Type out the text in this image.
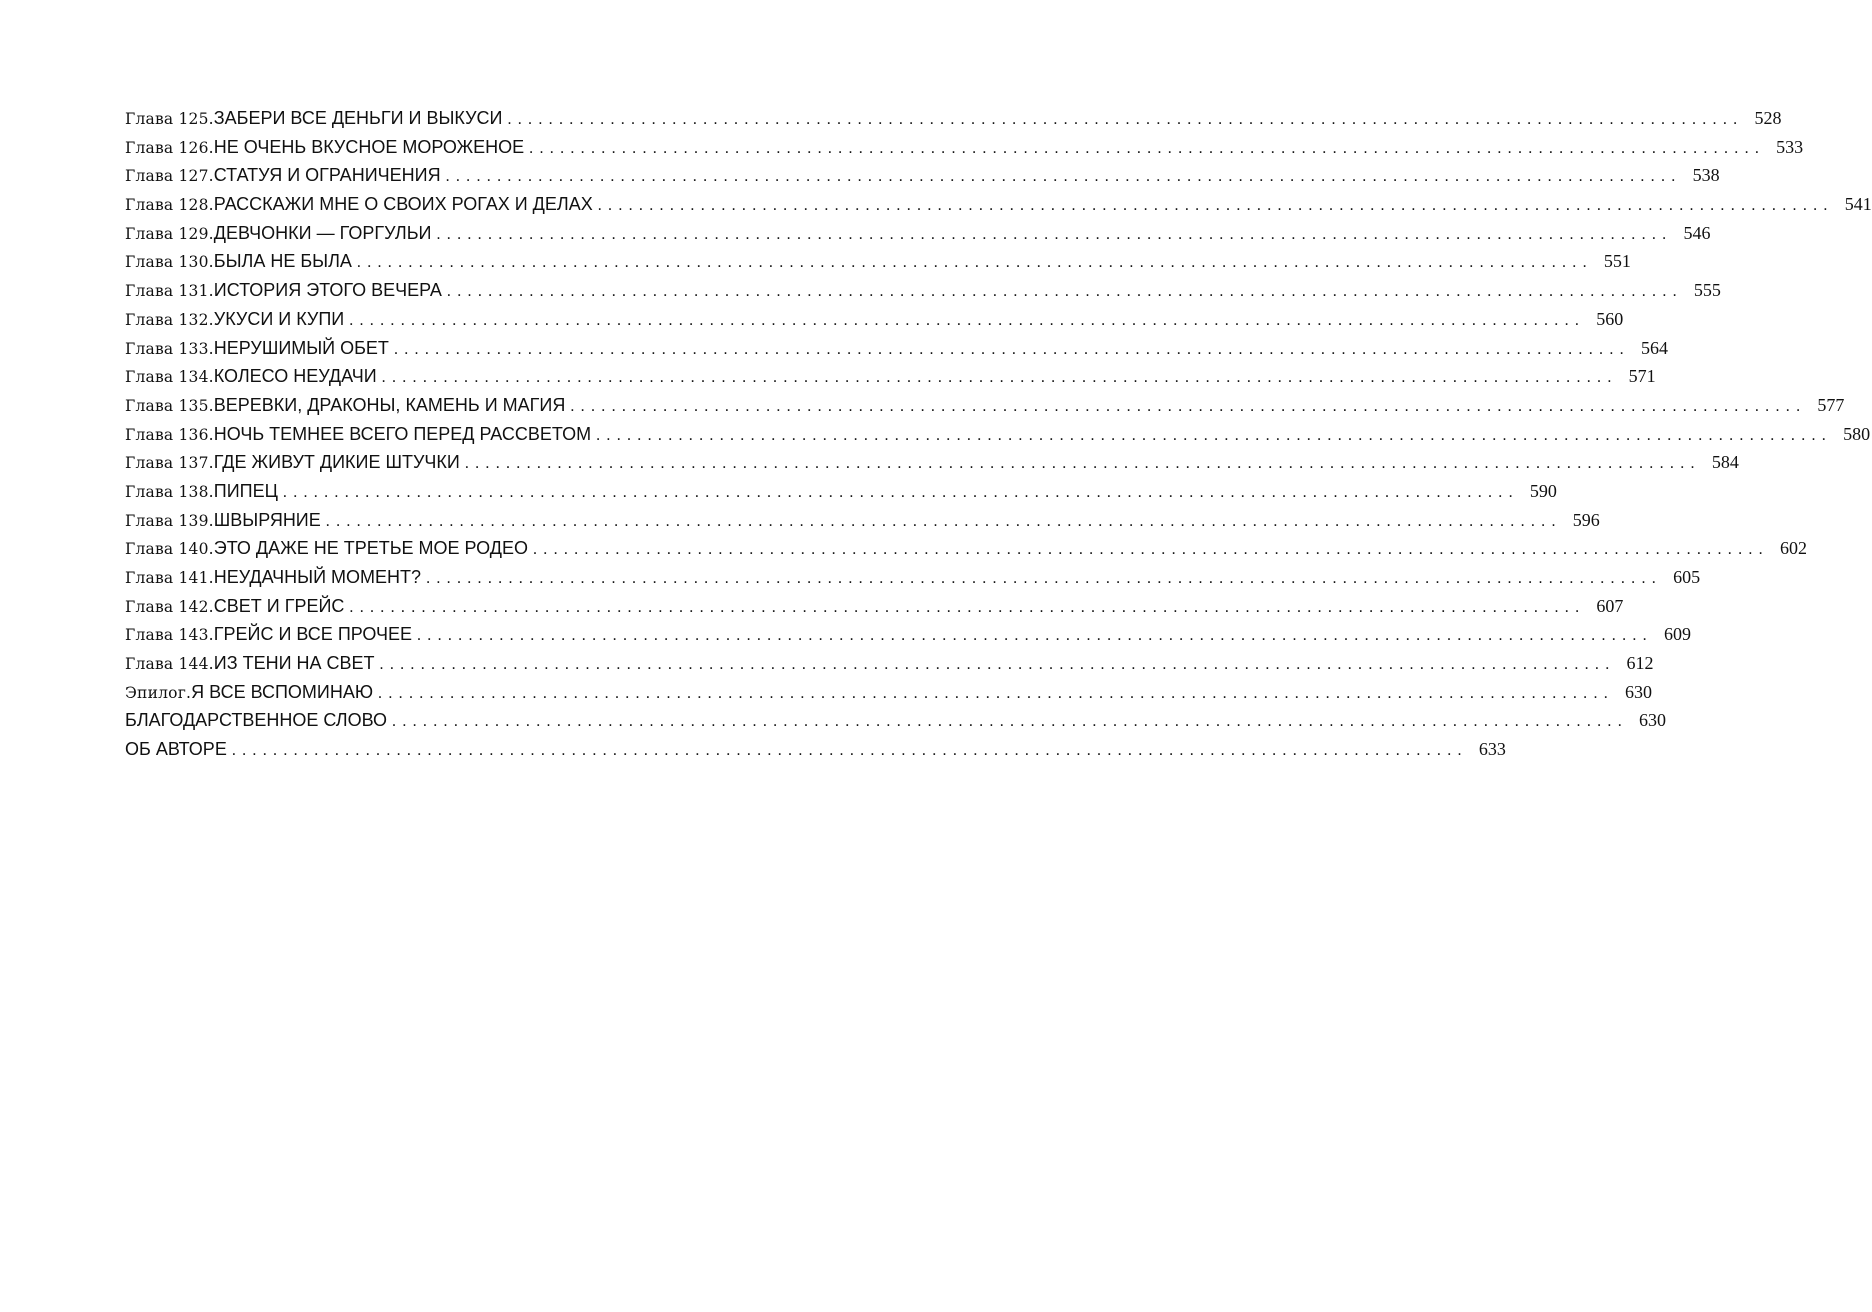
Глава 125. ЗАБЕРИ ВСЕ ДЕНЬГИ И ВЫКУСИ ........................................................................................................................ 528
Глава 126. НЕ ОЧЕНЬ ВКУСНОЕ МОРОЖЕНОЕ ........................................................................................................................ 533
Глава 127. СТАТУЯ И ОГРАНИЧЕНИЯ ........................................................................................................................ 538
Глава 128. РАССКАЖИ МНЕ О СВОИХ РОГАХ И ДЕЛАХ ........................................................................................................................ 541
Глава 129. ДЕВЧОНКИ — ГОРГУЛЬИ ........................................................................................................................ 546
Глава 130. БЫЛА НЕ БЫЛА ........................................................................................................................ 551
Глава 131. ИСТОРИЯ ЭТОГО ВЕЧЕРА ........................................................................................................................ 555
Глава 132. УКУСИ И КУПИ ........................................................................................................................ 560
Глава 133. НЕРУШИМЫЙ ОБЕТ ........................................................................................................................ 564
Глава 134. КОЛЕСО НЕУДАЧИ ........................................................................................................................ 571
Глава 135. ВЕРЕВКИ, ДРАКОНЫ, КАМЕНЬ И МАГИЯ ........................................................................................................................ 577
Глава 136. НОЧЬ ТЕМНЕЕ ВСЕГО ПЕРЕД РАССВЕТОМ ........................................................................................................................ 580
Глава 137. ГДЕ ЖИВУТ ДИКИЕ ШТУЧКИ ........................................................................................................................ 584
Глава 138. ПИПЕЦ ........................................................................................................................ 590
Глава 139. ШВЫРЯНИЕ ........................................................................................................................ 596
Глава 140. ЭТО ДАЖЕ НЕ ТРЕТЬЕ МОЕ РОДЕО ........................................................................................................................ 602
Глава 141. НЕУДАЧНЫЙ МОМЕНТ? ........................................................................................................................ 605
Глава 142. СВЕТ И ГРЕЙС ........................................................................................................................ 607
Глава 143. ГРЕЙС И ВСЕ ПРОЧЕЕ ........................................................................................................................ 609
Глава 144. ИЗ ТЕНИ НА СВЕТ ........................................................................................................................ 612
Эпилог. Я ВСЕ ВСПОМИНАЮ ........................................................................................................................ 630
БЛАГОДАРСТВЕННОЕ СЛОВО ........................................................................................................................ 630
ОБ АВТОРЕ ........................................................................................................................ 633
